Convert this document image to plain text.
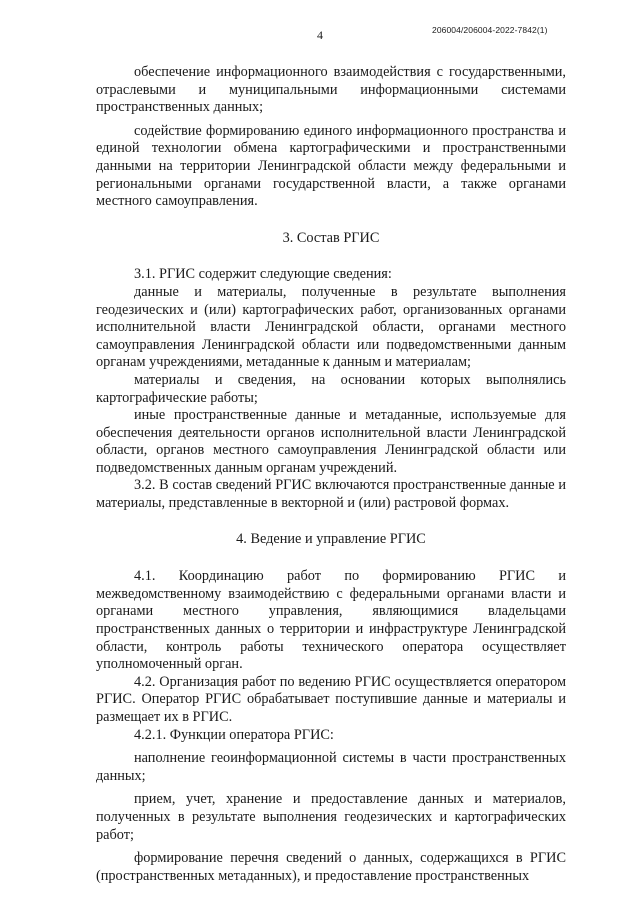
206004/206004-2022-7842(1)
4

обеспечение информационного взаимодействия с государственными, отраслевыми и муниципальными информационными системами пространственных данных;

содействие формированию единого информационного пространства и единой технологии обмена картографическими и пространственными данными на территории Ленинградской области между федеральными и региональными органами государственной власти, а также органами местного самоуправления.

3. Состав РГИС

3.1. РГИС содержит следующие сведения:

данные и материалы, полученные в результате выполнения геодезических и (или) картографических работ, организованных органами исполнительной власти Ленинградской области, органами местного самоуправления Ленинградской области или подведомственными данным органам учреждениями, метаданные к данным и материалам;

материалы и сведения, на основании которых выполнялись картографические работы;

иные пространственные данные и метаданные, используемые для обеспечения деятельности органов исполнительной власти Ленинградской области, органов местного самоуправления Ленинградской области или подведомственных данным органам учреждений.

3.2. В состав сведений РГИС включаются пространственные данные и материалы, представленные в векторной и (или) растровой формах.

4. Ведение и управление РГИС

4.1. Координацию работ по формированию РГИС и межведомственному взаимодействию с федеральными органами власти и органами местного управления, являющимися владельцами пространственных данных о территории и инфраструктуре Ленинградской области, контроль работы технического оператора осуществляет уполномоченный орган.

4.2. Организация работ по ведению РГИС осуществляется оператором РГИС. Оператор РГИС обрабатывает поступившие данные и материалы и размещает их в РГИС.

4.2.1. Функции оператора РГИС:

наполнение геоинформационной системы в части пространственных данных;

прием, учет, хранение и предоставление данных и материалов, полученных в результате выполнения геодезических и картографических работ;

формирование перечня сведений о данных, содержащихся в РГИС (пространственных метаданных), и предоставление пространственных
